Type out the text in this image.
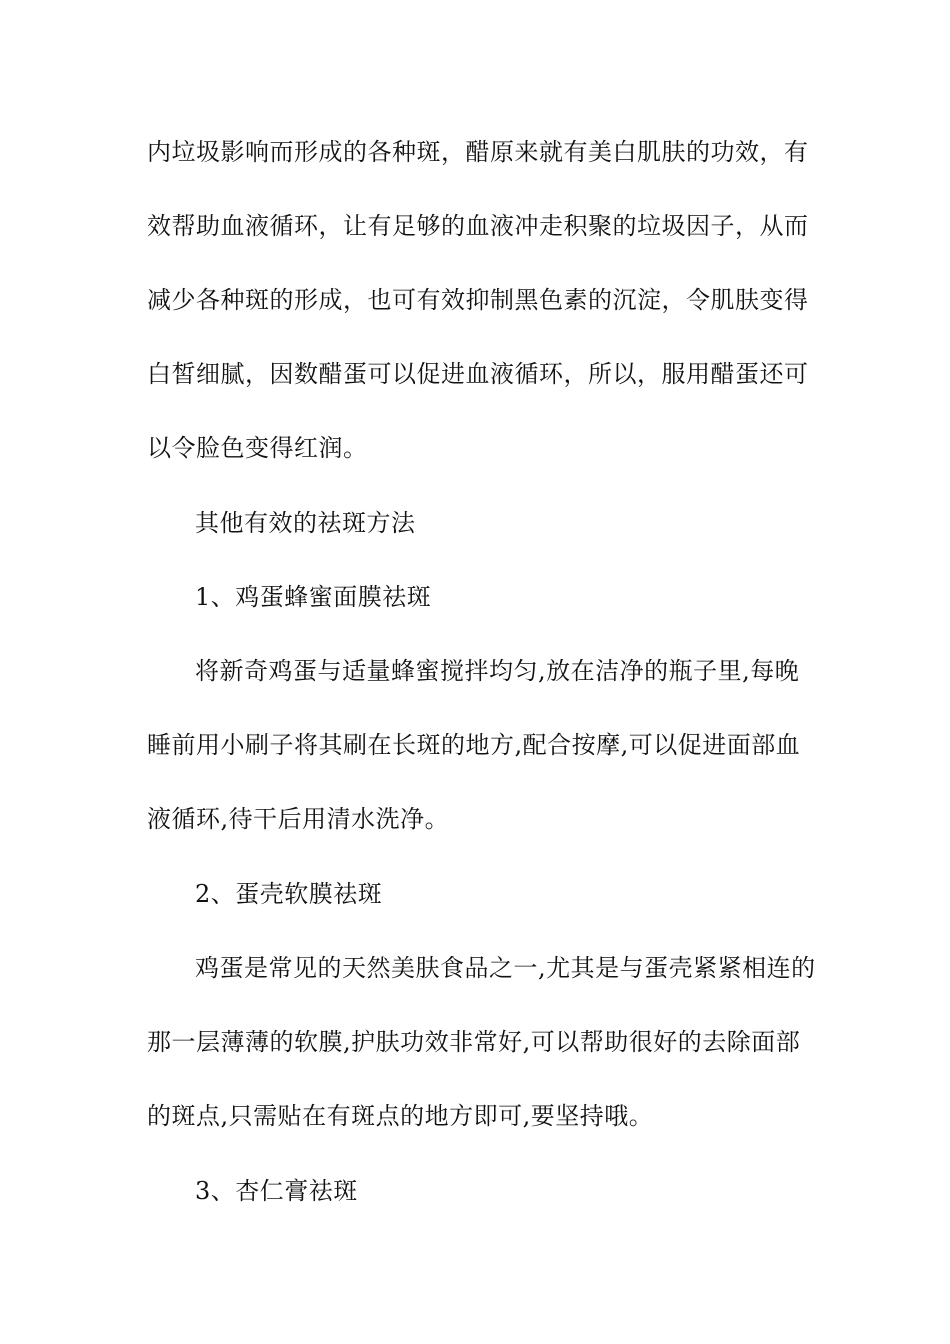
内垃圾影响而形成的各种斑，醋原来就有美白肌肤的功效，有
效帮助血液循环，让有足够的血液冲走积聚的垃圾因子，从而
减少各种斑的形成，也可有效抑制黑色素的沉淀，令肌肤变得
白皙细腻，因数醋蛋可以促进血液循环，所以，服用醋蛋还可
以令脸色变得红润。
其他有效的祛斑方法
1、鸡蛋蜂蜜面膜祛斑
将新奇鸡蛋与适量蜂蜜搅拌均匀,放在洁净的瓶子里,每晚
睡前用小刷子将其刷在长斑的地方,配合按摩,可以促进面部血
液循环,待干后用清水洗净。
2、蛋壳软膜祛斑
鸡蛋是常见的天然美肤食品之一,尤其是与蛋壳紧紧相连的
那一层薄薄的软膜,护肤功效非常好,可以帮助很好的去除面部
的斑点,只需贴在有斑点的地方即可,要坚持哦。
3、杏仁膏祛斑
